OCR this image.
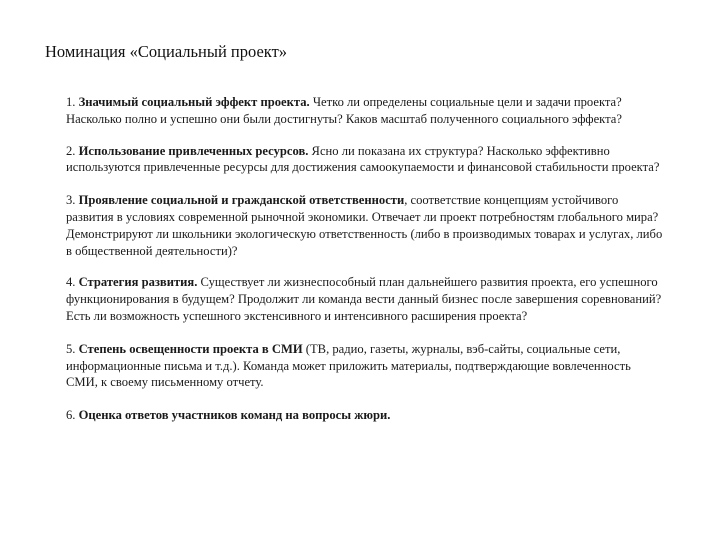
Номинация «Социальный проект»
1. Значимый социальный эффект проекта. Четко ли определены социальные цели и задачи проекта? Насколько полно и успешно они были достигнуты? Каков масштаб полученного социального эффекта?
2. Использование привлеченных ресурсов. Ясно ли показана их структура? Насколько эффективно используются привлеченные ресурсы для достижения самоокупаемости и финансовой стабильности проекта?
3. Проявление социальной и гражданской ответственности, соответствие концепциям устойчивого развития в условиях современной рыночной экономики. Отвечает ли проект потребностям глобального мира? Демонстрируют ли школьники экологическую ответственность (либо в производимых товарах и услугах, либо в общественной деятельности)?
4. Стратегия развития. Существует ли жизнеспособный план дальнейшего развития проекта, его успешного функционирования в будущем? Продолжит ли команда вести данный бизнес после завершения соревнований? Есть ли возможность успешного экстенсивного и интенсивного расширения проекта?
5. Степень освещенности проекта в СМИ (ТВ, радио, газеты, журналы, вэб-сайты, социальные сети, информационные письма и т.д.). Команда может приложить материалы, подтверждающие вовлеченность СМИ, к своему письменному отчету.
6. Оценка ответов участников команд на вопросы жюри.
